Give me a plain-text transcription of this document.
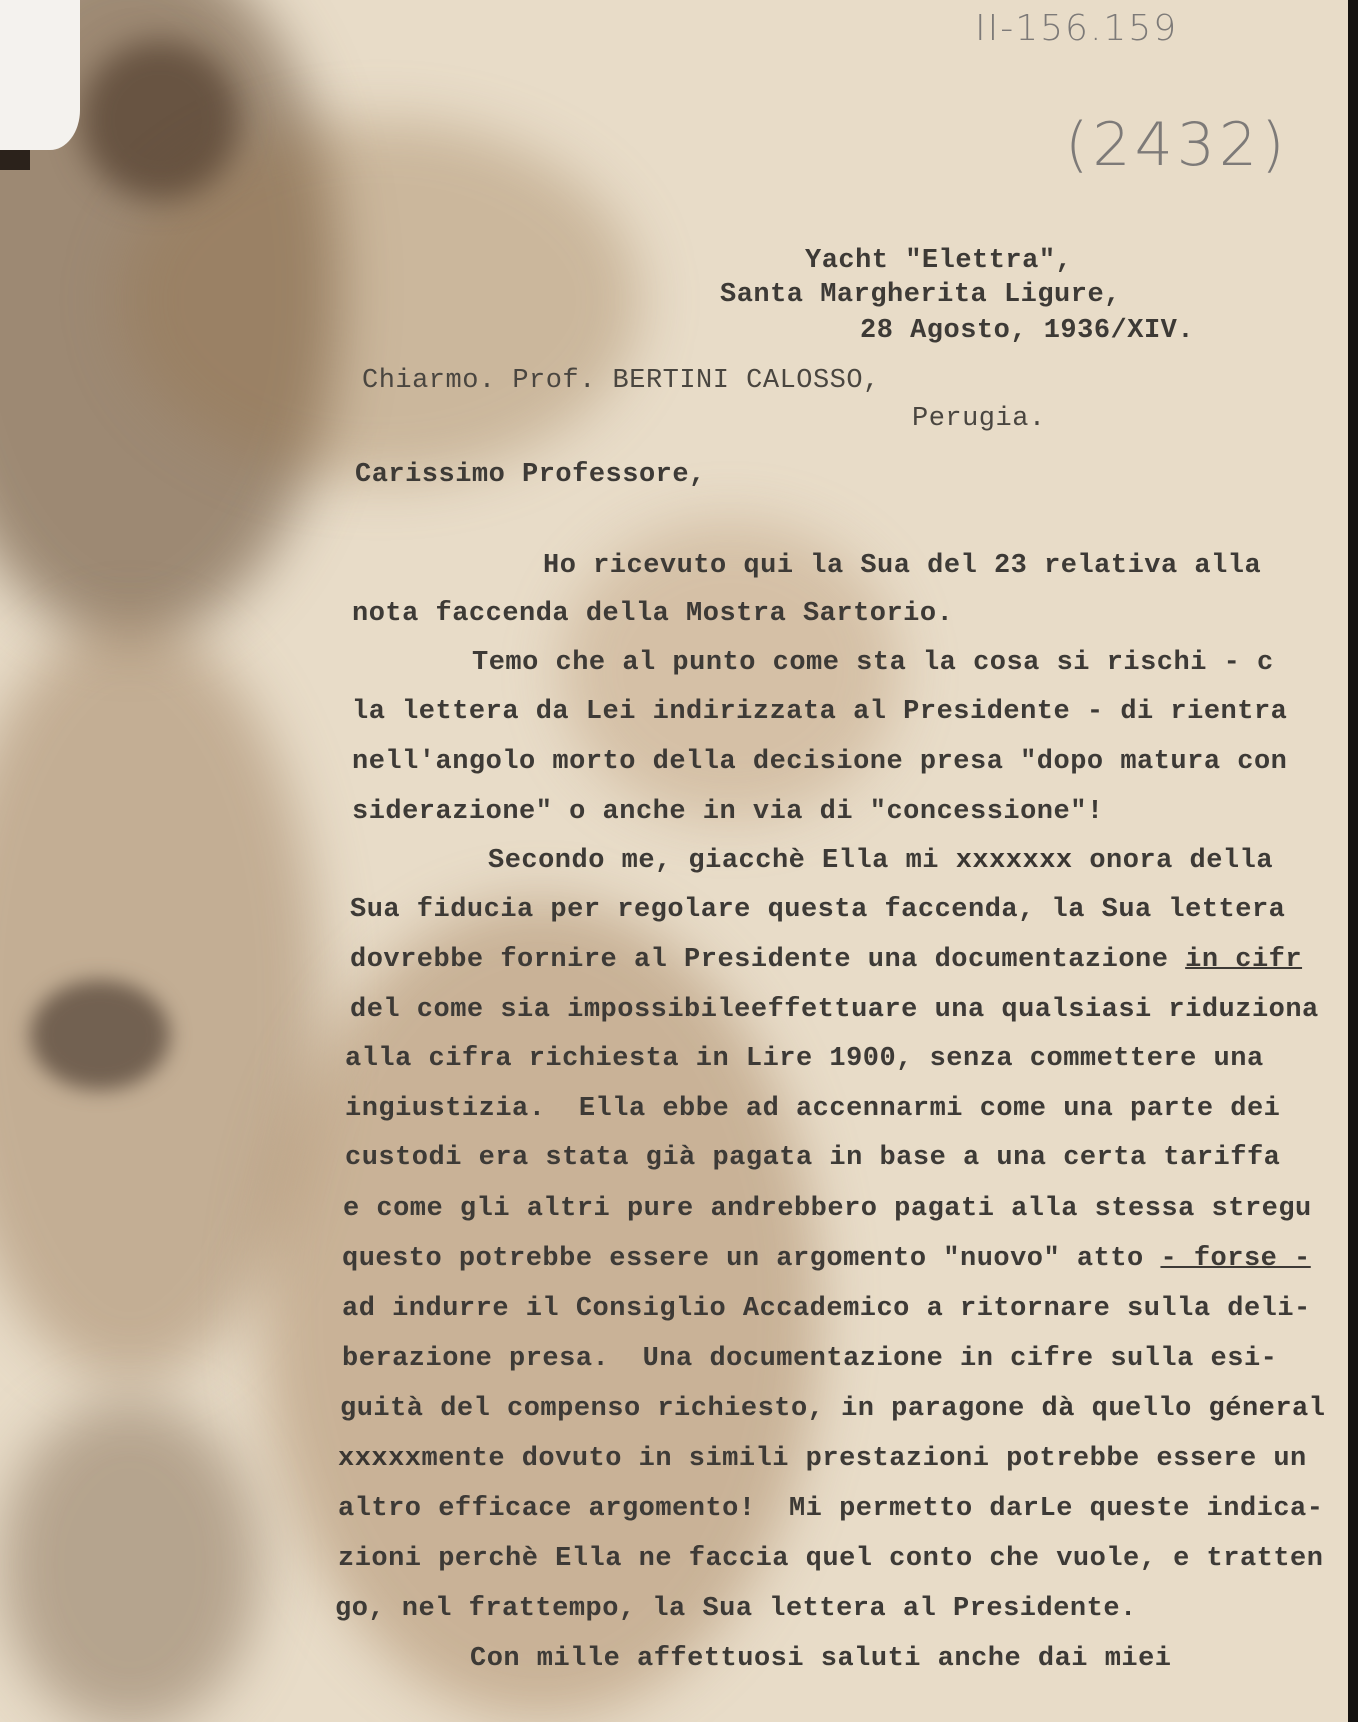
II-156.159
(2432)
Yacht "Elettra",
Santa Margherita Ligure,
28 Agosto, 1936/XIV.
Chiarmo. Prof. BERTINI CALOSSO,
Perugia.
Carissimo Professore,
Ho ricevuto qui la Sua del 23 relativa alla
nota faccenda della Mostra Sartorio.
Temo che al punto come sta la cosa si rischi - c
la lettera da Lei indirizzata al Presidente - di rientra
nell'angolo morto della decisione presa "dopo matura con
siderazione" o anche in via di "concessione"!
Secondo me, giacchè Ella mi xxxxxxx onora della
Sua fiducia per regolare questa faccenda, la Sua lettera
dovrebbe fornire al Presidente una documentazione in cifr
del come sia impossibileeffettuare una qualsiasi riduziona
alla cifra richiesta in Lire 1900, senza commettere una
ingiustizia.  Ella ebbe ad accennarmi come una parte dei
custodi era stata già pagata in base a una certa tariffa
e come gli altri pure andrebbero pagati alla stessa stregu
questo potrebbe essere un argomento "nuovo" atto - forse -
ad indurre il Consiglio Accademico a ritornare sulla deli-
berazione presa.  Una documentazione in cifre sulla esi-
guità del compenso richiesto, in paragone dà quello géneral
xxxxxmente dovuto in simili prestazioni potrebbe essere un
altro efficace argomento!  Mi permetto darLe queste indica-
zioni perchè Ella ne faccia quel conto che vuole, e tratten
go, nel frattempo, la Sua lettera al Presidente.
Con mille affettuosi saluti anche dai miei
